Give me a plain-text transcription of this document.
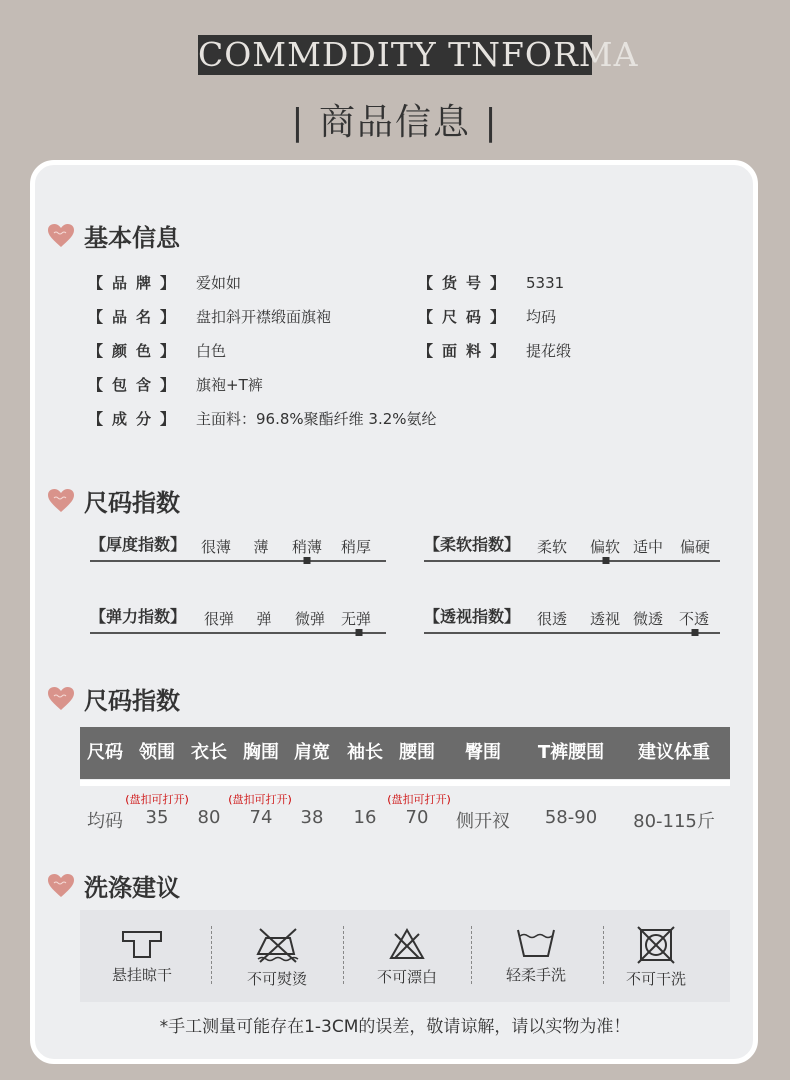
COMMDDITY TNFORMA
| 商品信息 |
基本信息
【品牌】 爱如如
【品名】 盘扣斜开襟缎面旗袍
【颜色】 白色
【包含】 旗袍+T裤
【成分】 主面料：96.8%聚酯纤维 3.2%氨纶
【货号】 5331
【尺码】 均码
【面料】 提花缎
尺码指数
【厚度指数】 很薄 薄 稍薄 稍厚	【柔软指数】 柔软 偏软 适中 偏硬
【弹力指数】 很弹 弹 微弹 无弹	【透视指数】 很透 透视 微透 不透
尺码指数
尺码 领围 衣长 胸围 肩宽 袖长 腰围 臀围 T裤腰围 建议体重
(盘扣可打开)	(盘扣可打开)	(盘扣可打开)
均码 35 80 74 38 16 70 侧开衩 58-90 80-115斤
洗涤建议
悬挂晾干	不可熨烫	不可漂白	轻柔手洗	不可干洗
*手工测量可能存在1-3CM的误差，敬请谅解，请以实物为准！
